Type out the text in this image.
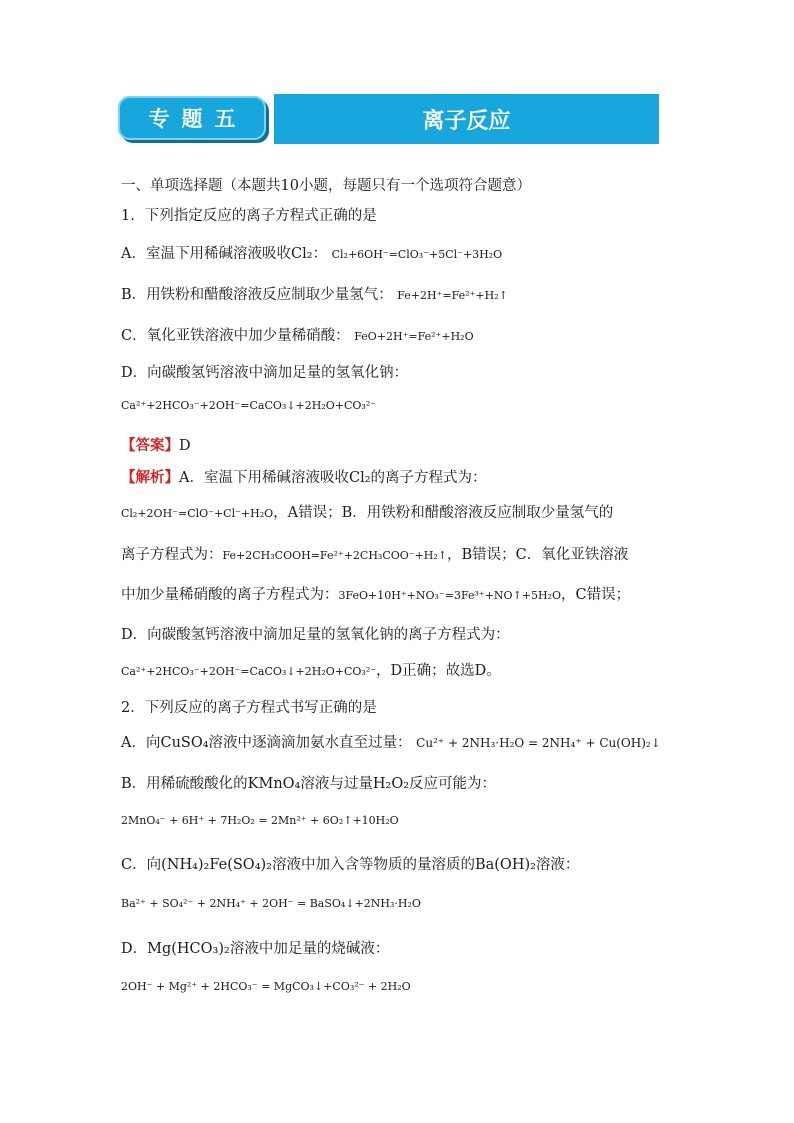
专题五	离子反应
一、单项选择题（本题共10小题，每题只有一个选项符合题意）
1．下列指定反应的离子方程式正确的是
A．室温下用稀碱溶液吸收Cl₂： Cl₂+6OH⁻=ClO₃⁻+5Cl⁻+3H₂O
B．用铁粉和醋酸溶液反应制取少量氢气： Fe+2H⁺=Fe²⁺+H₂↑
C．氧化亚铁溶液中加少量稀硝酸： FeO+2H⁺=Fe²⁺+H₂O
D．向碳酸氢钙溶液中滴加足量的氢氧化钠：
Ca²⁺+2HCO₃⁻+2OH⁻=CaCO₃↓+2H₂O+CO₃²⁻
【答案】D
【解析】A．室温下用稀碱溶液吸收Cl₂的离子方程式为：
Cl₂+2OH⁻=ClO⁻+Cl⁻+H₂O，A错误；B．用铁粉和醋酸溶液反应制取少量氢气的
离子方程式为：Fe+2CH₃COOH=Fe²⁺+2CH₃COO⁻+H₂↑，B错误；C．氧化亚铁溶液
中加少量稀硝酸的离子方程式为：3FeO+10H⁺+NO₃⁻=3Fe³⁺+NO↑+5H₂O，C错误；
D．向碳酸氢钙溶液中滴加足量的氢氧化钠的离子方程式为：
Ca²⁺+2HCO₃⁻+2OH⁻=CaCO₃↓+2H₂O+CO₃²⁻，D正确；故选D。
2．下列反应的离子方程式书写正确的是
A．向CuSO₄溶液中逐滴滴加氨水直至过量： Cu²⁺ + 2NH₃·H₂O = 2NH₄⁺ + Cu(OH)₂↓
B．用稀硫酸酸化的KMnO₄溶液与过量H₂O₂反应可能为：
2MnO₄⁻ + 6H⁺ + 7H₂O₂ = 2Mn²⁺ + 6O₂↑+10H₂O
C．向(NH₄)₂Fe(SO₄)₂溶液中加入含等物质的量溶质的Ba(OH)₂溶液：
Ba²⁺ + SO₄²⁻ + 2NH₄⁺ + 2OH⁻ = BaSO₄↓+2NH₃·H₂O
D．Mg(HCO₃)₂溶液中加足量的烧碱液：
2OH⁻ + Mg²⁺ + 2HCO₃⁻ = MgCO₃↓+CO₃²⁻ + 2H₂O
